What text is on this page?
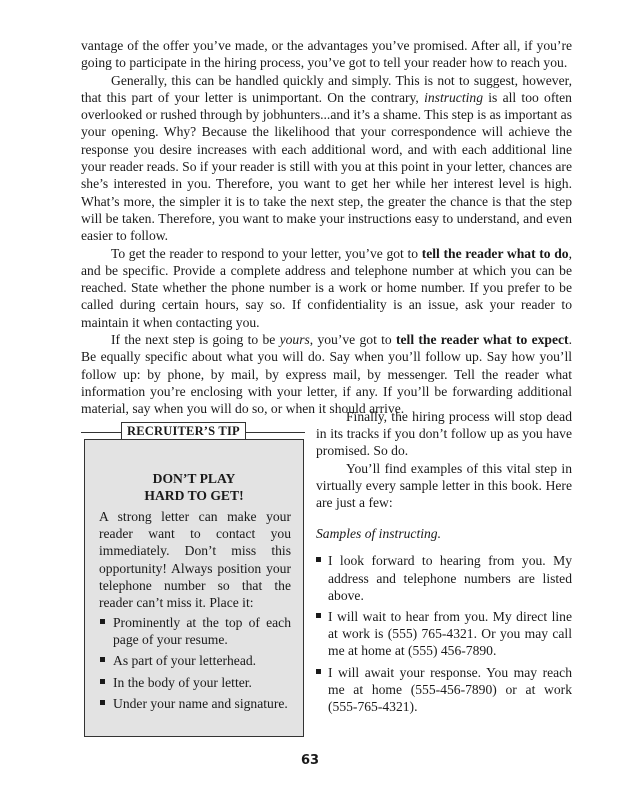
vantage of the offer you’ve made, or the advantages you’ve promised. After all, if you’re going to participate in the hiring process, you’ve got to tell your reader how to reach you.

Generally, this can be handled quickly and simply. This is not to suggest, however, that this part of your letter is unimportant. On the contrary, instructing is all too often overlooked or rushed through by jobhunters...and it’s a shame. This step is as important as your opening. Why? Because the likelihood that your correspondence will achieve the response you desire increases with each additional word, and with each additional line your reader reads. So if your reader is still with you at this point in your letter, chances are she’s interested in you. Therefore, you want to get her while her interest level is high. What’s more, the simpler it is to take the next step, the greater the chance is that the step will be taken. Therefore, you want to make your instructions easy to understand, and even easier to follow.

To get the reader to respond to your letter, you’ve got to tell the reader what to do, and be specific. Provide a complete address and telephone number at which you can be reached. State whether the phone number is a work or home number. If you prefer to be called during certain hours, say so. If confidentiality is an issue, ask your reader to maintain it when contacting you.

If the next step is going to be yours, you’ve got to tell the reader what to expect. Be equally specific about what you will do. Say when you’ll follow up. Say how you’ll follow up: by phone, by mail, by express mail, by messenger. Tell the reader what information you’re enclosing with your letter, if any. If you’ll be forwarding additional material, say when you will do so, or when it should arrive.

RECRUITER’S TIP
DON’T PLAY
HARD TO GET!
A strong letter can make your reader want to contact you immediately. Don’t miss this opportunity! Always position your telephone number so that the reader can’t miss it. Place it:
Prominently at the top of each page of your resume.
As part of your letterhead.
In the body of your letter.
Under your name and signature.

Finally, the hiring process will stop dead in its tracks if you don’t follow up as you have promised. So do.

You’ll find examples of this vital step in virtually every sample letter in this book. Here are just a few:

Samples of instructing.

I look forward to hearing from you. My address and telephone numbers are listed above.
I will wait to hear from you. My direct line at work is (555) 765-4321. Or you may call me at home at (555) 456-7890.
I will await your response. You may reach me at home (555-456-7890) or at work (555-765-4321).
63
